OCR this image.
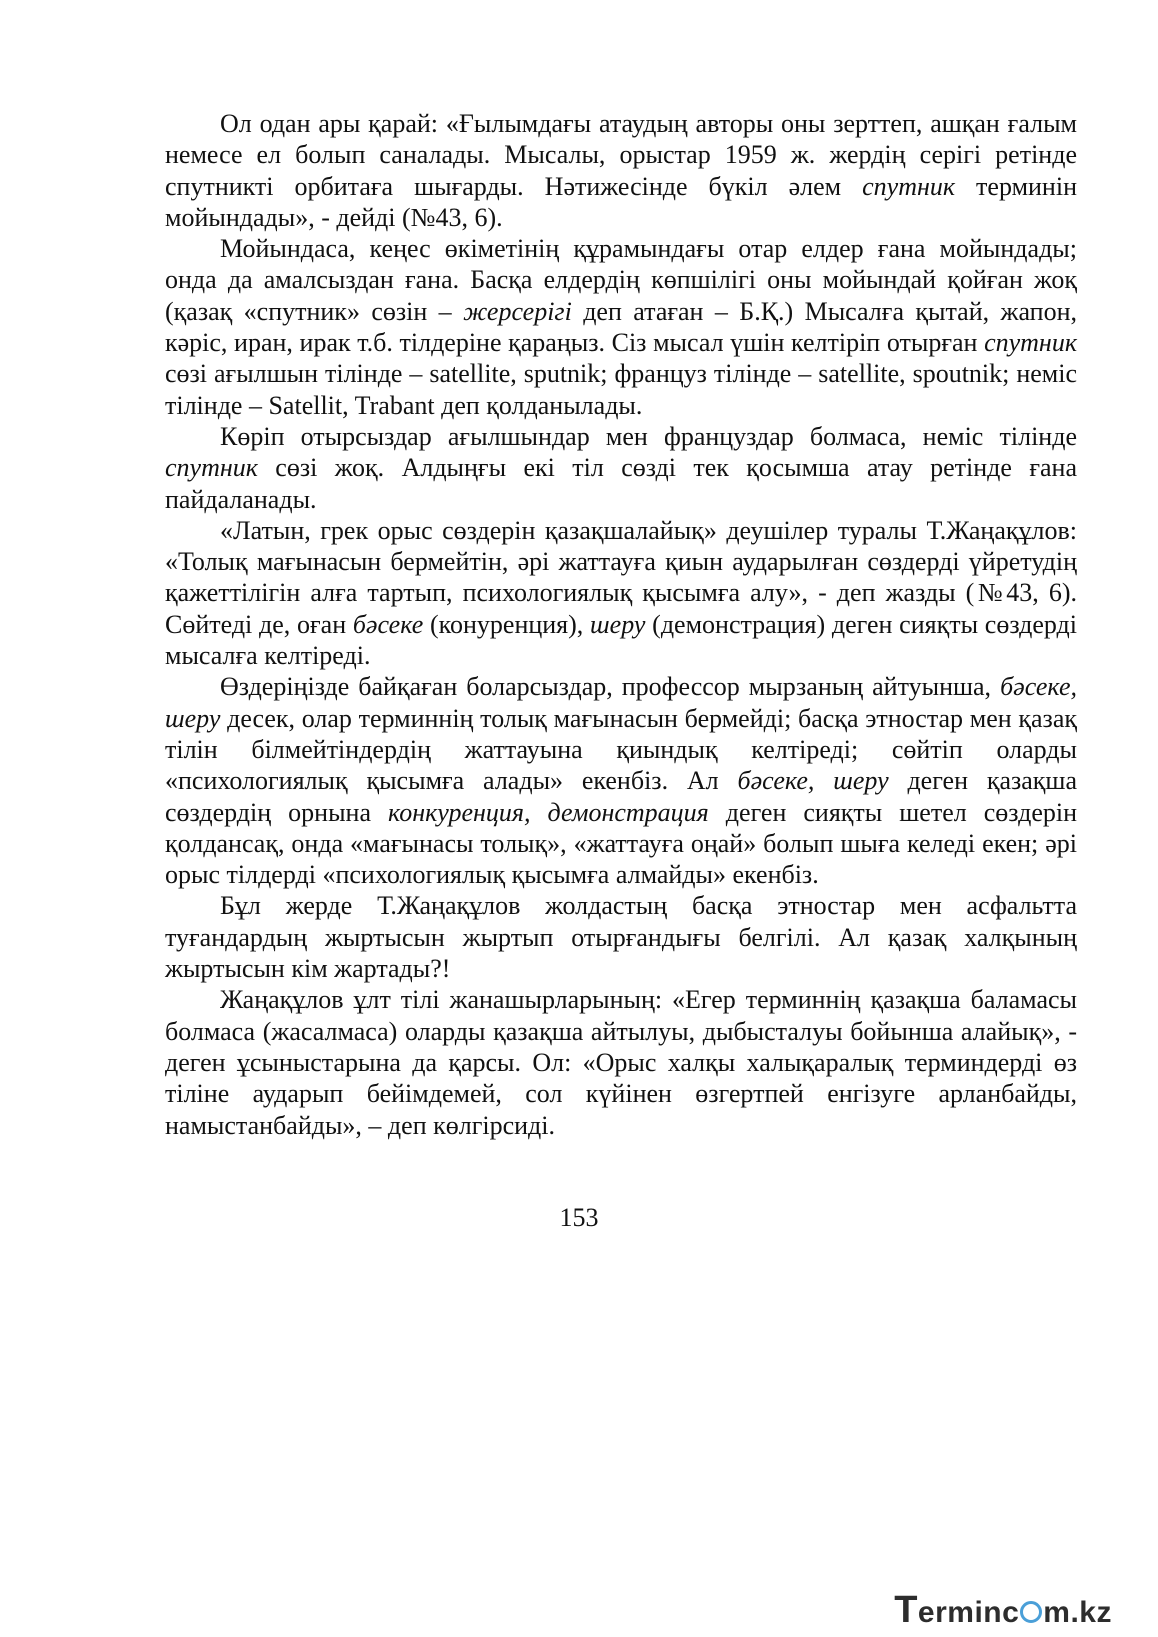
Ол одан ары қарай: «Ғылымдағы атаудың авторы оны зерттеп, ашқан ғалым немесе ел болып саналады. Мысалы, орыстар 1959 ж. жердің серігі ретінде спутникті орбитаға шығарды. Нәтижесінде бүкіл әлем спутник терминін мойындады», - дейді (№43, 6).

Мойындаса, кеңес өкіметінің құрамындағы отар елдер ғана мойындады; онда да амалсыздан ғана. Басқа елдердің көпшілігі оны мойындай қойған жоқ (қазақ «спутник» сөзін – жерсерігі деп атаған – Б.Қ.) Мысалға қытай, жапон, кәріс, иран, ирак т.б. тілдеріне қараңыз. Сіз мысал үшін келтіріп отырған спутник сөзі ағылшын тілінде – satellite, sputnik; француз тілінде – satellite, spoutnik; неміс тілінде – Satellit, Trabant деп қолданылады.

Көріп отырсыздар ағылшындар мен француздар болмаса, неміс тілінде спутник сөзі жоқ. Алдыңғы екі тіл сөзді тек қосымша атау ретінде ғана пайдаланады.

«Латын, грек орыс сөздерін қазақшалайық» деушілер туралы Т.Жаңақұлов: «Толық мағынасын бермейтін, әрі жаттауға қиын аударылған сөздерді үйретудің қажеттілігін алға тартып, психологиялық қысымға алу», - деп жазды (№43, 6). Сөйтеді де, оған бәсеке (конуренция), шеру (демонстрация) деген сияқты сөздерді мысалға келтіреді.

Өздеріңізде байқаған боларсыздар, профессор мырзаның айтуынша, бәсеке, шеру десек, олар терминнің толық мағынасын бермейді; басқа этностар мен қазақ тілін білмейтіндердің жаттауына қиындық келтіреді; сөйтіп оларды «психологиялық қысымға алады» екенбіз. Ал бәсеке, шеру деген қазақша сөздердің орнына конкуренция, демонстрация деген сияқты шетел сөздерін қолдансақ, онда «мағынасы толық», «жаттауға оңай» болып шыға келеді екен; әрі орыс тілдерді «психологиялық қысымға алмайды» екенбіз.

Бұл жерде Т.Жаңақұлов жолдастың басқа этностар мен асфальтта туғандардың жыртысын жыртып отырғандығы белгілі. Ал қазақ халқының жыртысын кім жартады?!

Жаңақұлов ұлт тілі жанашырларының: «Егер терминнің қазақша баламасы болмаса (жасалмаса) оларды қазақша айтылуы, дыбысталуы бойынша алайық», - деген ұсыныстарына да қарсы. Ол: «Орыс халқы халықаралық терминдерді өз тіліне аударып бейімдемей, сол күйінен өзгертпей енгізуге арланбайды, намыстанбайды», – деп көлгірсиді.

153
Terminc m.kz
